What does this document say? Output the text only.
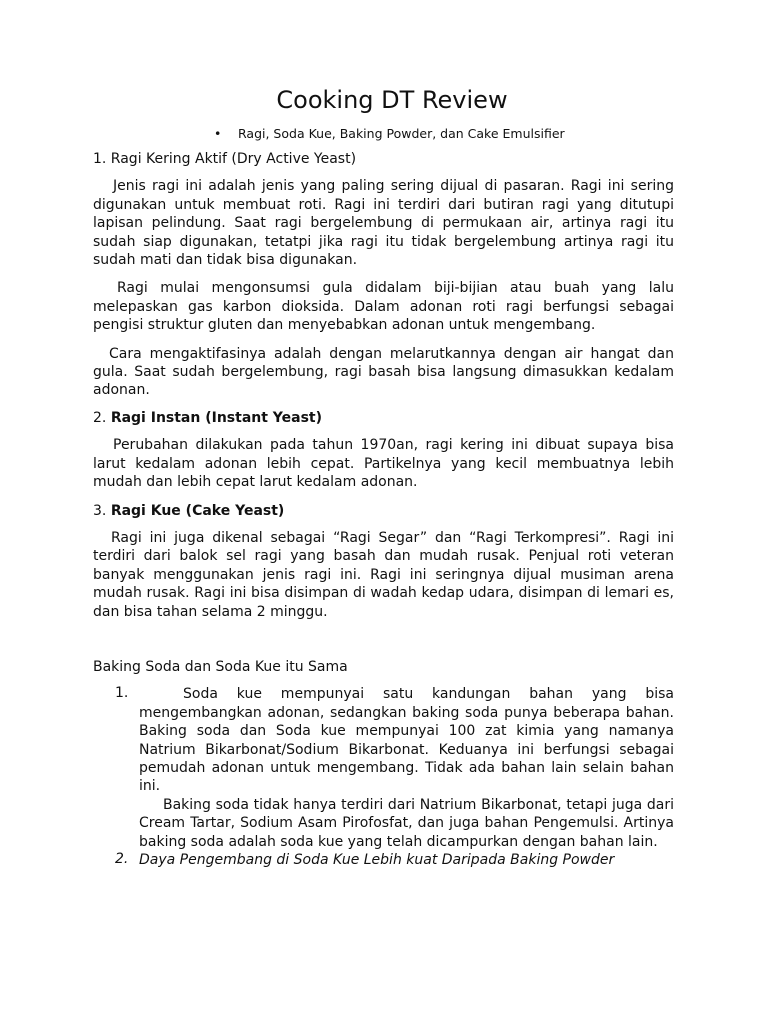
Cooking DT Review
• Ragi, Soda Kue, Baking Powder, dan Cake Emulsifier

1. Ragi Kering Aktif (Dry Active Yeast)

Jenis ragi ini adalah jenis yang paling sering dijual di pasaran. Ragi ini sering digunakan untuk membuat roti. Ragi ini terdiri dari butiran ragi yang ditutupi lapisan pelindung. Saat ragi bergelembung di permukaan air, artinya ragi itu sudah siap digunakan, tetatpi jika ragi itu tidak bergelembung artinya ragi itu sudah mati dan tidak bisa digunakan.

Ragi mulai mengonsumsi gula didalam biji-bijian atau buah yang lalu melepaskan gas karbon dioksida. Dalam adonan roti ragi berfungsi sebagai pengisi struktur gluten dan menyebabkan adonan untuk mengembang.

Cara mengaktifasinya adalah dengan melarutkannya dengan air hangat dan gula. Saat sudah bergelembung, ragi basah bisa langsung dimasukkan kedalam adonan.

2. Ragi Instan (Instant Yeast)

Perubahan dilakukan pada tahun 1970an, ragi kering ini dibuat supaya bisa larut kedalam adonan lebih cepat. Partikelnya yang kecil membuatnya lebih mudah dan lebih cepat larut kedalam adonan.

3. Ragi Kue (Cake Yeast)

Ragi ini juga dikenal sebagai “Ragi Segar” dan “Ragi Terkompresi”. Ragi ini terdiri dari balok sel ragi yang basah dan mudah rusak. Penjual roti veteran banyak menggunakan jenis ragi ini. Ragi ini seringnya dijual musiman arena mudah rusak. Ragi ini bisa disimpan di wadah kedap udara, disimpan di lemari es, dan bisa tahan selama 2 minggu.

Baking Soda dan Soda Kue itu Sama

1.	Soda kue mempunyai satu kandungan bahan yang bisa mengembangkan adonan, sedangkan baking soda punya beberapa bahan. Baking soda dan Soda kue mempunyai 100 zat kimia yang namanya Natrium Bikarbonat/Sodium Bikarbonat. Keduanya ini berfungsi sebagai pemudah adonan untuk mengembang. Tidak ada bahan lain selain bahan ini.

Baking soda tidak hanya terdiri dari Natrium Bikarbonat, tetapi juga dari Cream Tartar, Sodium Asam Pirofosfat, dan juga bahan Pengemulsi. Artinya baking soda adalah soda kue yang telah dicampurkan dengan bahan lain.

2. Daya Pengembang di Soda Kue Lebih kuat Daripada Baking Powder
